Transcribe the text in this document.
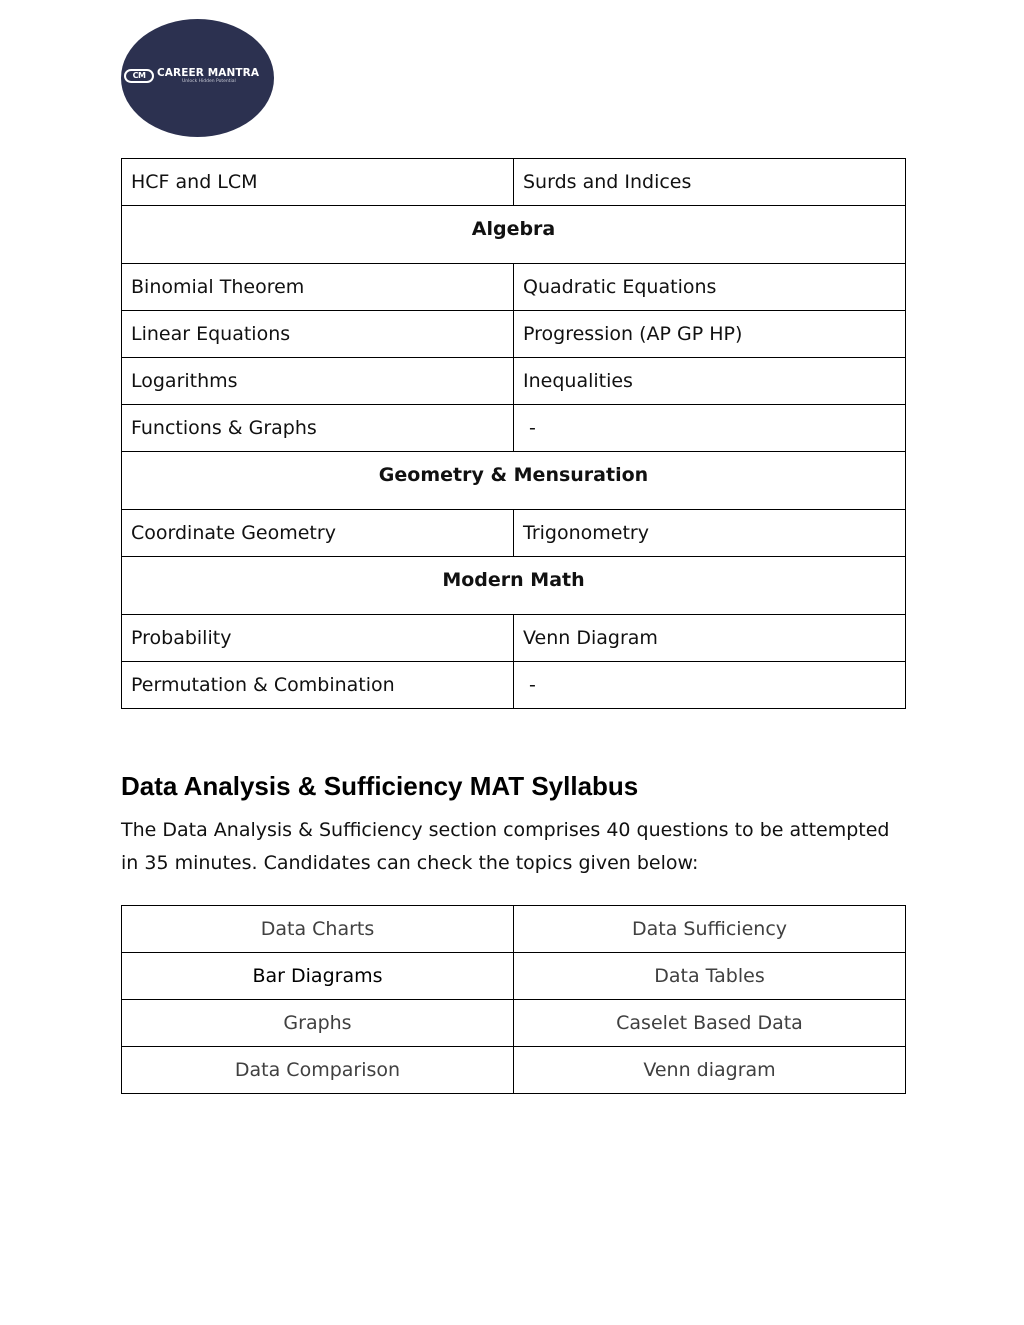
CM CAREER MANTRA
Unlock Hidden Potential
HCF and LCM	Surds and Indices
Algebra	
Binomial Theorem	Quadratic Equations
Linear Equations	Progression (AP GP HP)
Logarithms	Inequalities
Functions & Graphs	-
Geometry & Mensuration	
Coordinate Geometry	Trigonometry
Modern Math	
Probability	Venn Diagram
Permutation & Combination	-
Data Analysis & Sufficiency MAT Syllabus

The Data Analysis & Sufficiency section comprises 40 questions to be attempted in 35 minutes. Candidates can check the topics given below:

Data Charts	Data Sufficiency
Bar Diagrams	Data Tables
Graphs	Caselet Based Data
Data Comparison	Venn diagram
